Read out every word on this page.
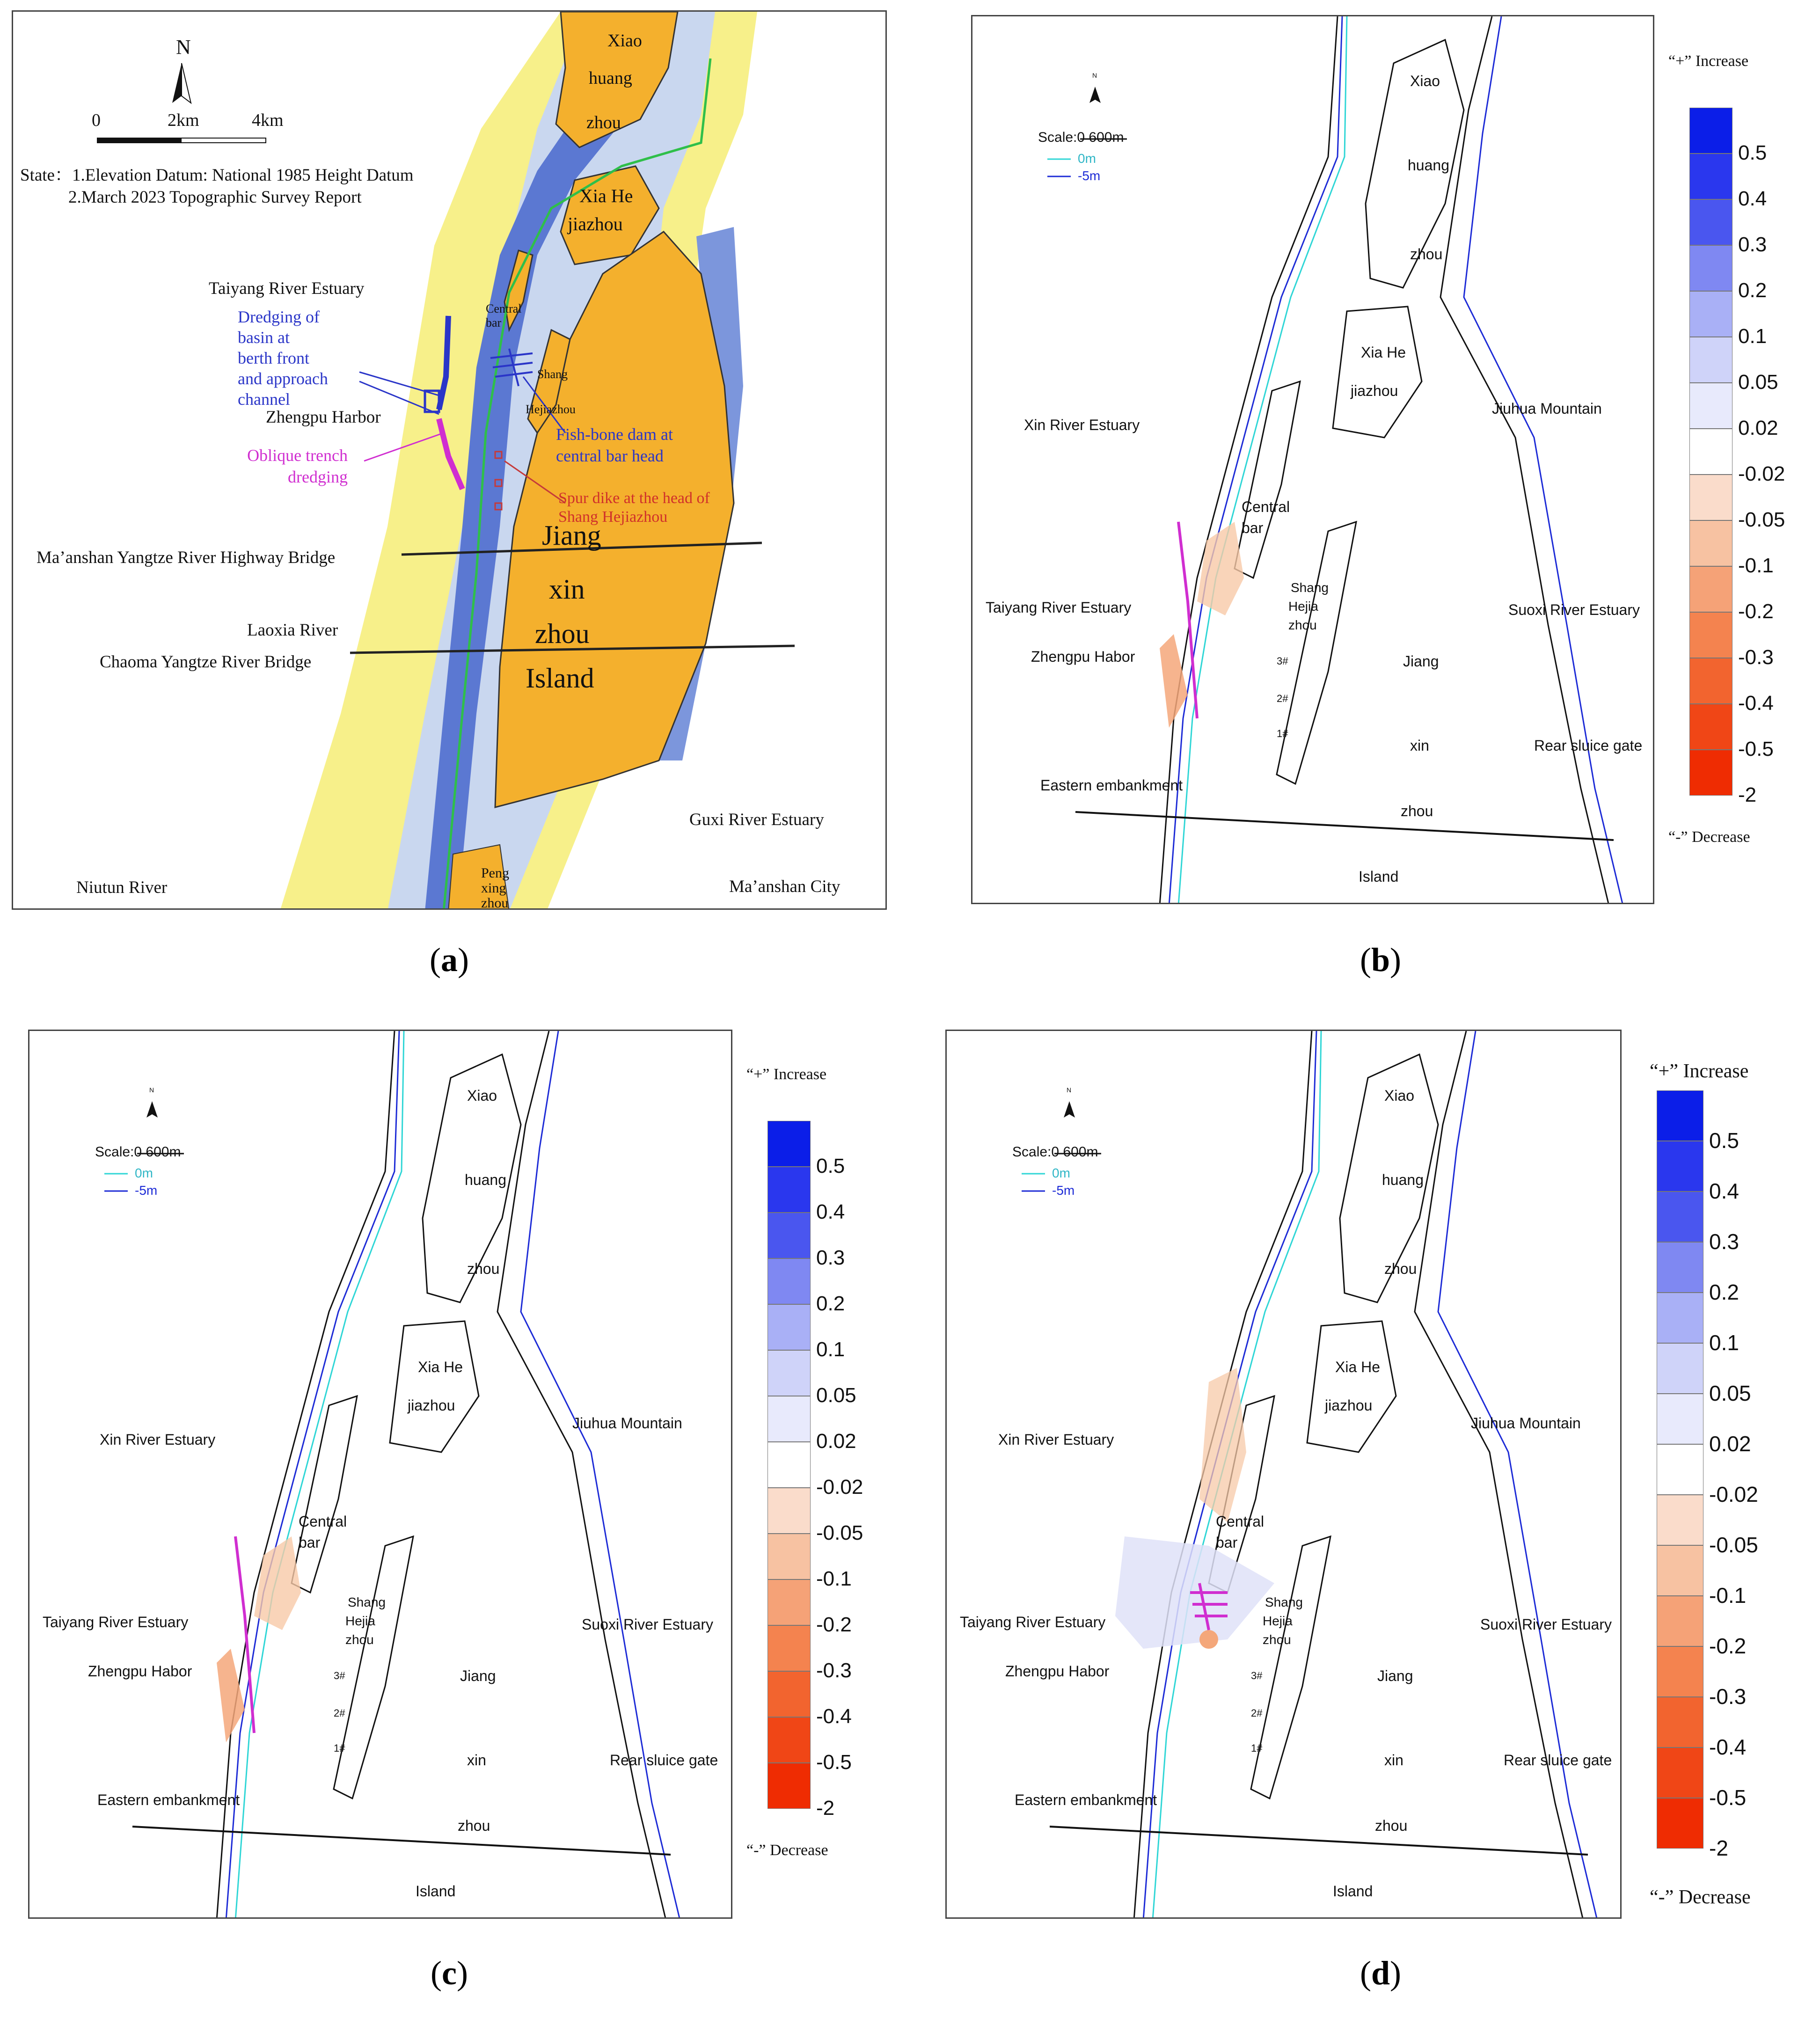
N
0	2km	4km
State：1.Elevation Datum: National 1985 Height Datum
2.March 2023 Topographic Survey Report
Xiao
huang
zhou
Xia He
jiazhou
Taiyang River Estuary
Dredging of
basin at
berth front
and approach
channel
Zhengpu Harbor
Oblique trench
dredging
Central
bar
Shang
Hejiazhou
Fish-bone dam at
central bar head
Spur dike at the head of
Shang Hejiazhou
Jiang
xin
zhou
Island
Ma’anshan Yangtze River Highway Bridge
Laoxia River
Chaoma Yangtze River Bridge
Guxi River Estuary
Niutun River	Ma’anshan City
Peng
xing
zhou
(a)
Scale:0 600m
0m
-5m
N	Xiao
huang
zhou
Xia He
jiazhou
Jiuhua Mountain
Xin River Estuary
Central
bar
Shang
Hejia
zhou
Taiyang River Estuary
Zhengpu Habor
Suoxi River Estuary
Jiang
xin	Rear sluice gate
Eastern embankment
zhou
Island
3#
2#
1#
“+” Increase
0.5
0.4
0.3
0.2
0.1
0.05
0.02
-0.02
-0.05
-0.1
-0.2
-0.3
-0.4
-0.5
-2
“-” Decrease
(b)
Scale:0 600m
0m
-5m
N	Xiao
huang
zhou
Xia He
jiazhou
Jiuhua Mountain
Xin River Estuary
Central
bar
Shang
Hejia
zhou
Taiyang River Estuary
Zhengpu Habor
Suoxi River Estuary
Jiang
xin	Rear sluice gate
Eastern embankment
zhou
Island
3#
2#
1#
“+” Increase
0.5
0.4
0.3
0.2
0.1
0.05
0.02
-0.02
-0.05
-0.1
-0.2
-0.3
-0.4
-0.5
-2
“-” Decrease
(c)
Scale:0 600m
0m
-5m
N	Xiao
huang
zhou
Xia He
jiazhou
Jiuhua Mountain
Xin River Estuary
Central
bar
Shang
Hejia
zhou
Taiyang River Estuary
Zhengpu Habor
Suoxi River Estuary
Jiang
xin	Rear sluice gate
Eastern embankment
zhou
Island
3#
2#
1#
“+” Increase
0.5
0.4
0.3
0.2
0.1
0.05
0.02
-0.02
-0.05
-0.1
-0.2
-0.3
-0.4
-0.5
-2
“-” Decrease
(d)
